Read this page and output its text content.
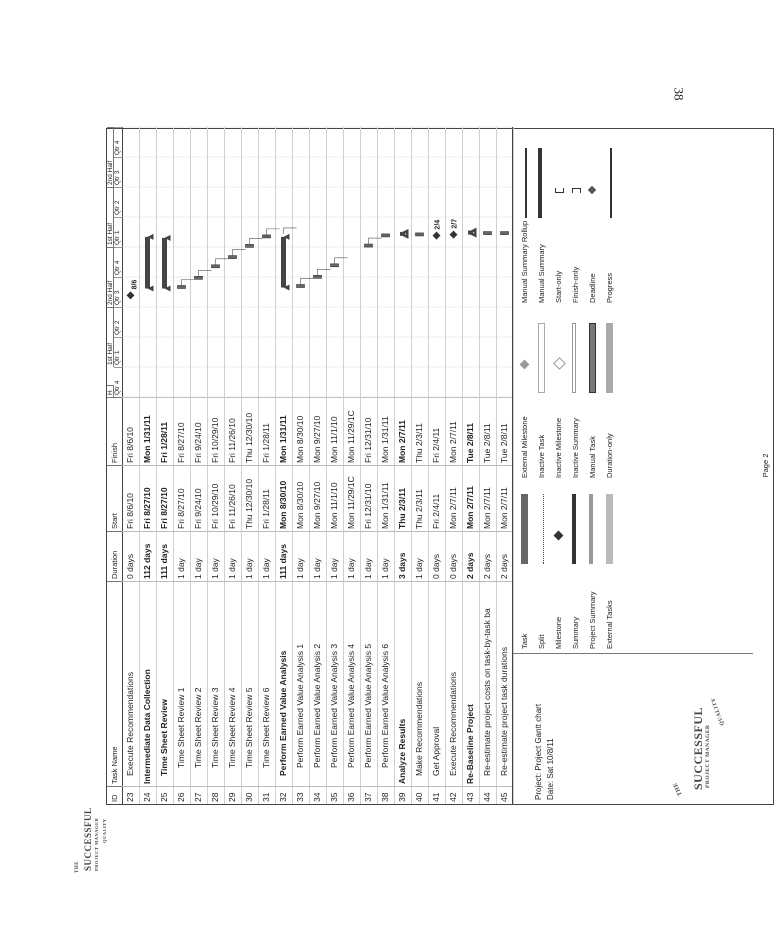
38
ID
Task Name
Duration
Start
Finish
H
1st Half
2nd Half
1st Half
2nd Half
Qtr 4
Qtr 1
Qtr 2
Qtr 3
Qtr 4
Qtr 1
Qtr 2
Qtr 3
Qtr 4
23
Execute Recommendations
0 days
Fri 8/6/10
Fri 8/6/10
24
Intermediate Data Collection
112 days
Fri 8/27/10
Mon 1/31/11
25
Time Sheet Review
111 days
Fri 8/27/10
Fri 1/28/11
26
Time Sheet Review 1
1 day
Fri 8/27/10
Fri 8/27/10
27
Time Sheet Review 2
1 day
Fri 9/24/10
Fri 9/24/10
28
Time Sheet Review 3
1 day
Fri 10/29/10
Fri 10/29/10
29
Time Sheet Review 4
1 day
Fri 11/26/10
Fri 11/26/10
30
Time Sheet Review 5
1 day
Thu 12/30/10
Thu 12/30/10
31
Time Sheet Review 6
1 day
Fri 1/28/11
Fri 1/28/11
32
Perform Earned Value Analysis
111 days
Mon 8/30/10
Mon 1/31/11
33
Perform Earned Value Analysis 1
1 day
Mon 8/30/10
Mon 8/30/10
34
Perform Earned Value Analysis 2
1 day
Mon 9/27/10
Mon 9/27/10
35
Perform Earned Value Analysis 3
1 day
Mon 11/1/10
Mon 11/1/10
36
Perform Earned Value Analysis 4
1 day
Mon 11/29/1C
Mon 11/29/1C
37
Perform Earned Value Analysis 5
1 day
Fri 12/31/10
Fri 12/31/10
38
Perform Earned Value Analysis 6
1 day
Mon 1/31/11
Mon 1/31/11
39
Analyze Results
3 days
Thu 2/3/11
Mon 2/7/11
40
Make Recommendations
1 day
Thu 2/3/11
Thu 2/3/11
41
Get Approval
0 days
Fri 2/4/11
Fri 2/4/11
42
Execute Recommendations
0 days
Mon 2/7/11
Mon 2/7/11
43
Re-Baseline Project
2 days
Mon 2/7/11
Tue 2/8/11
44
Re-estimate project costs on task-by-task ba
2 days
Mon 2/7/11
Tue 2/8/11
45
Re-estimate project task durations
2 days
Mon 2/7/11
Tue 2/8/11
8/6
2/4 2/7
Project: Project Gantt chart Date: Sat 10/8/11	THE SUCCESSFUL PROJECT MANAGER
QUALITY
Task Split Milestone Summary Project Summary External Tasks
External Milestone Inactive Task Inactive Milestone Inactive Summary Manual Task Duration-only
Manual Summary Rollup Manual Summary Start-only Finish-only Deadline Progress
Page 2
THE SUCCESSFUL PROJECT MANAGER QUALITY
